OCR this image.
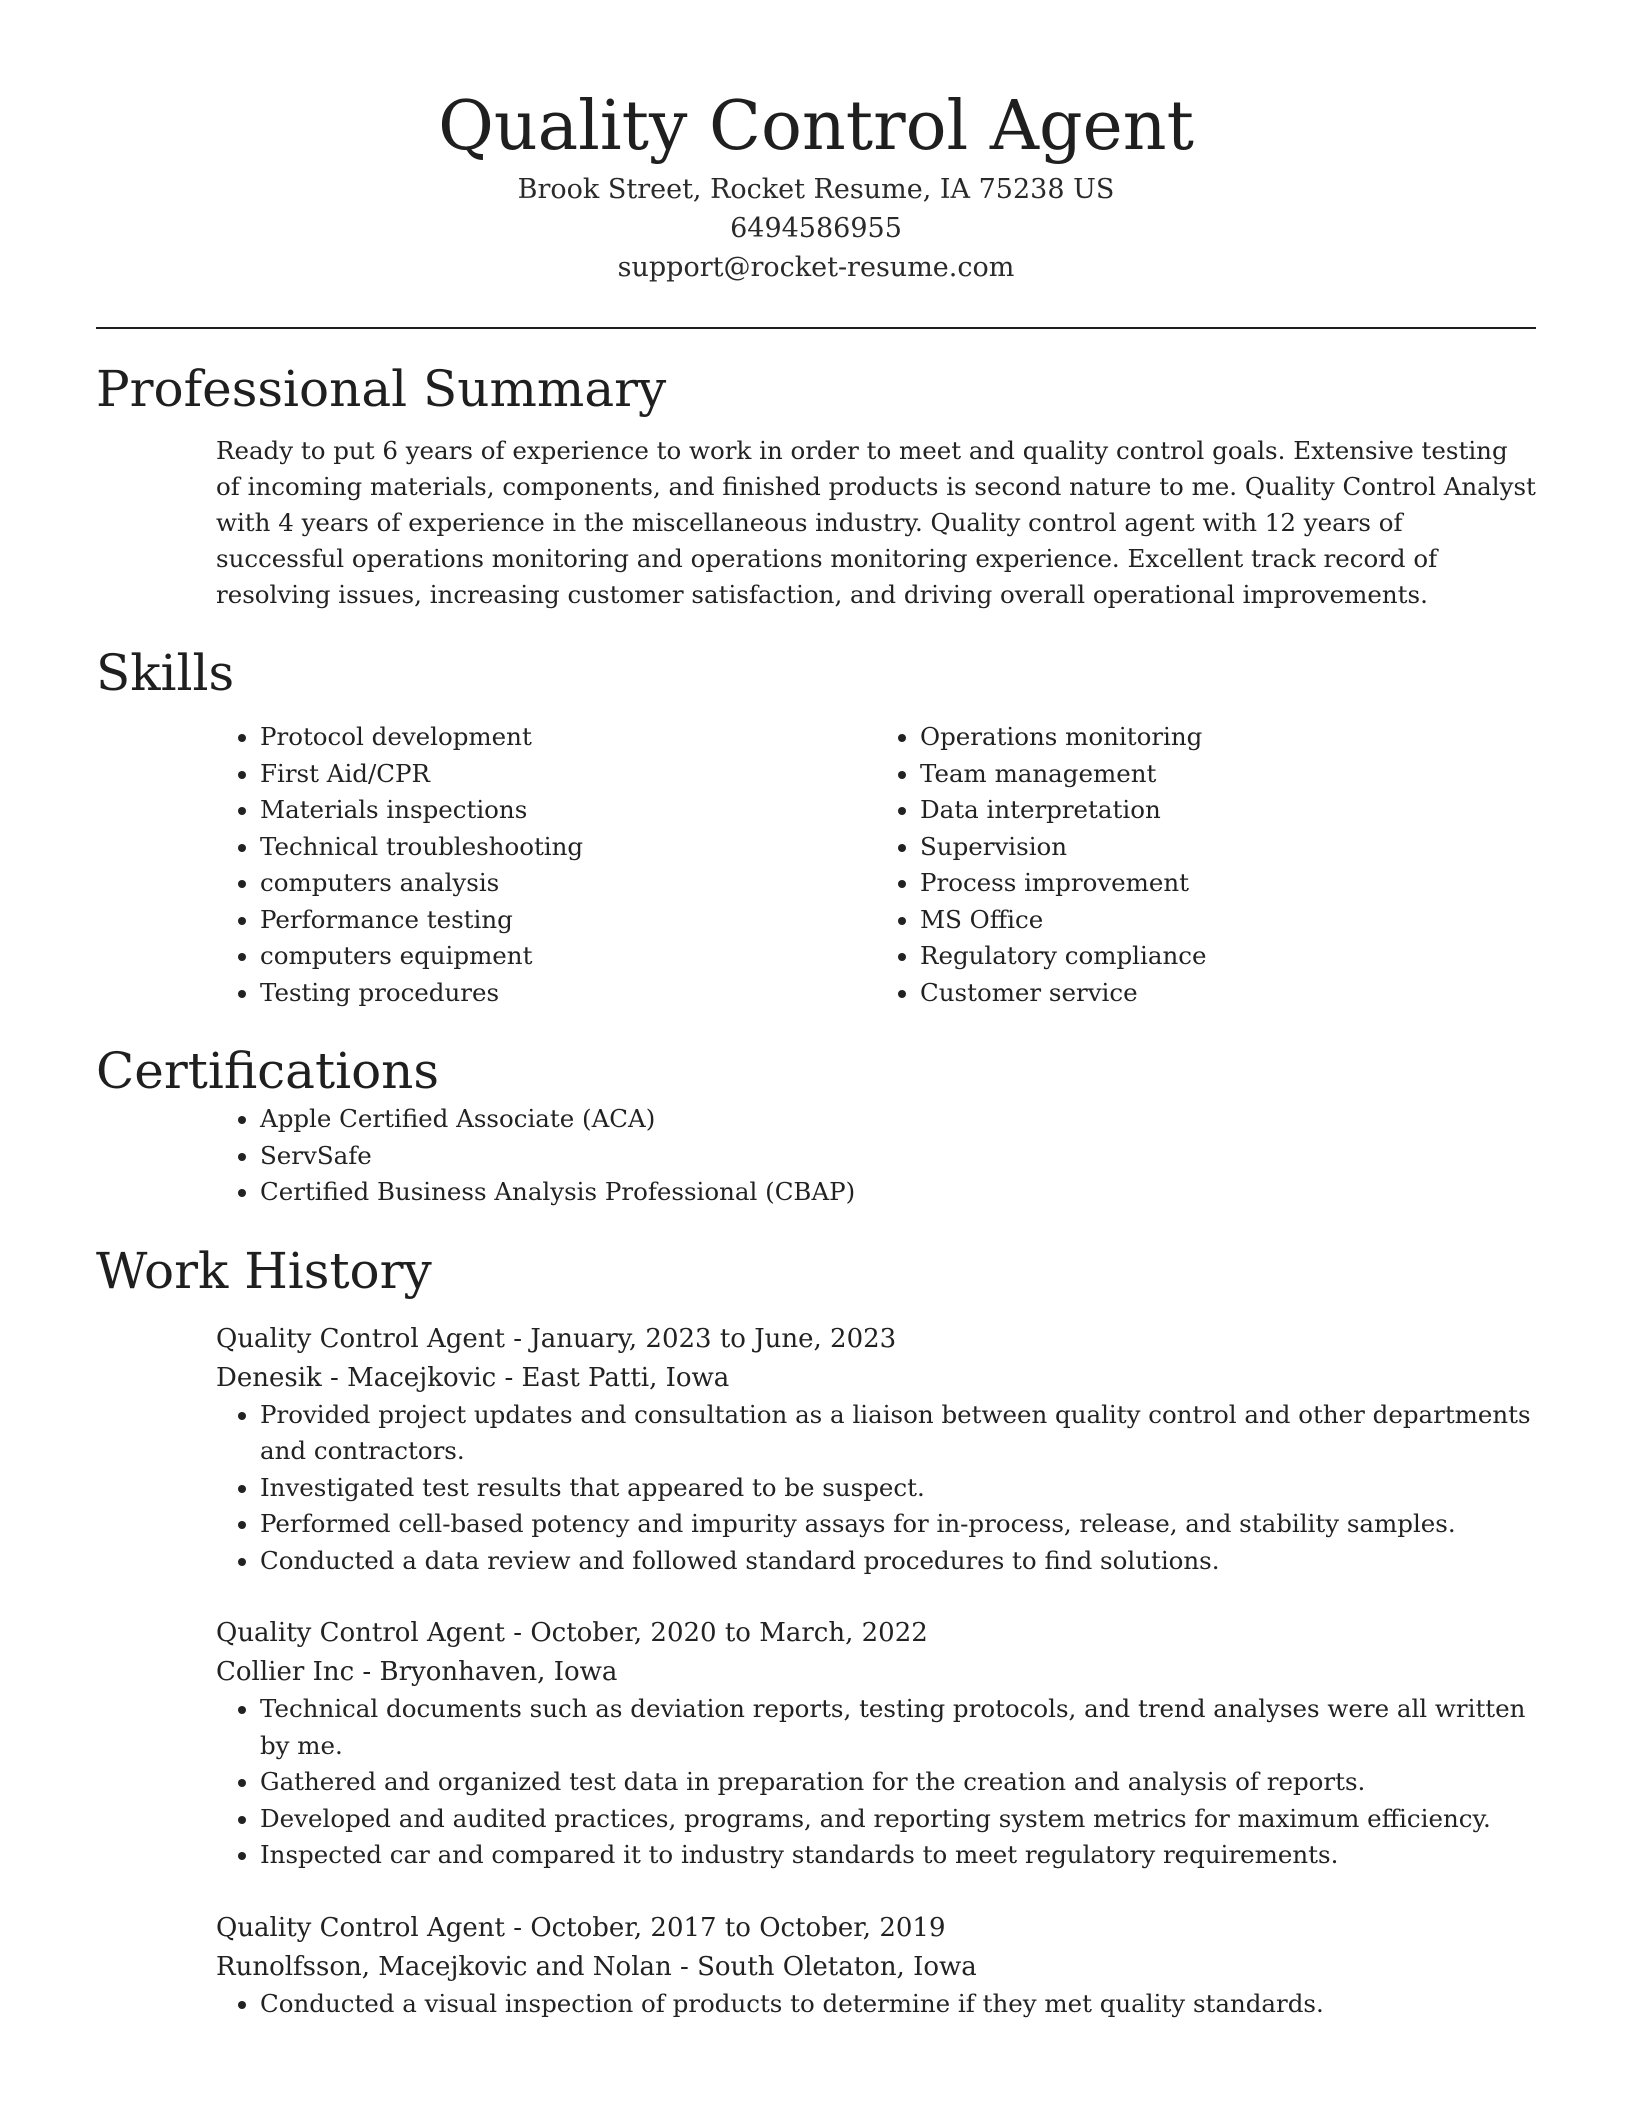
Quality Control Agent
Brook Street, Rocket Resume, IA 75238 US
6494586955
support@rocket-resume.com
Professional Summary

Ready to put 6 years of experience to work in order to meet and quality control goals. Extensive testing of incoming materials, components, and finished products is second nature to me. Quality Control Analyst with 4 years of experience in the miscellaneous industry. Quality control agent with 12 years of successful operations monitoring and operations monitoring experience. Excellent track record of resolving issues, increasing customer satisfaction, and driving overall operational improvements.

Skills
• Protocol development
• First Aid/CPR
• Materials inspections
• Technical troubleshooting
• computers analysis
• Performance testing
• computers equipment
• Testing procedures
• Operations monitoring
• Team management
• Data interpretation
• Supervision
• Process improvement
• MS Office
• Regulatory compliance
• Customer service
Certifications
• Apple Certified Associate (ACA)
• ServSafe
• Certified Business Analysis Professional (CBAP)
Work History
Quality Control Agent - January, 2023 to June, 2023
Denesik - Macejkovic - East Patti, Iowa
• Provided project updates and consultation as a liaison between quality control and other departments and contractors.
• Investigated test results that appeared to be suspect.
• Performed cell-based potency and impurity assays for in-process, release, and stability samples.
• Conducted a data review and followed standard procedures to find solutions.
Quality Control Agent - October, 2020 to March, 2022
Collier Inc - Bryonhaven, Iowa
• Technical documents such as deviation reports, testing protocols, and trend analyses were all written by me.
• Gathered and organized test data in preparation for the creation and analysis of reports.
• Developed and audited practices, programs, and reporting system metrics for maximum efficiency.
• Inspected car and compared it to industry standards to meet regulatory requirements.
Quality Control Agent - October, 2017 to October, 2019
Runolfsson, Macejkovic and Nolan - South Oletaton, Iowa
• Conducted a visual inspection of products to determine if they met quality standards.
